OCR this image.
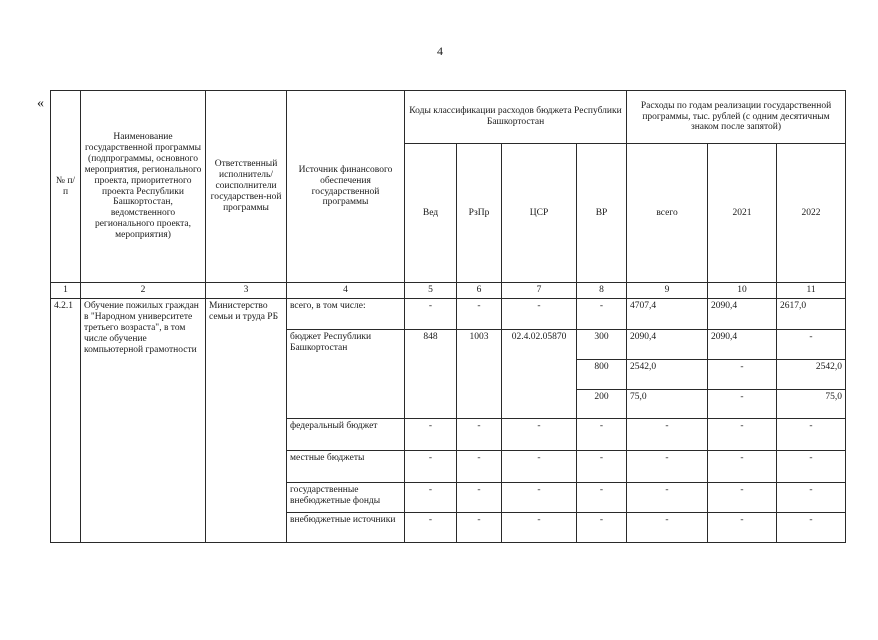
4
«
№ п/п	Наименование государственной программы (подпрограммы, основного мероприятия, регионального проекта, приоритетного проекта Республики Башкортостан, ведомственного регионального проекта, мероприятия)	Ответственный исполнитель/ соисполнители государствен-ной программы	Источник финансового обеспечения государственной программы	Коды классификации расходов бюджета Республики Башкортостан				Расходы по годам реализации государственной программы, тыс. рублей (с одним десятичным знаком после запятой)		
				Вед	РзПр	ЦСР	ВР	всего	2021	2022
1	2	3	4	5	6	7	8	9	10	11
4.2.1	Обучение пожилых граждан в "Народном университете третьего возраста", в том числе обучение компьютерной грамотности	Министерство семьи и труда РБ	всего, в том числе:	-	-	-	-	4707,4	2090,4	2617,0
			бюджет Республики Башкортостан	848	1003	02.4.02.05870	300	2090,4	2090,4	-
							800	2542,0	-	2542,0
							200	75,0	-	75,0
			федеральный бюджет	-	-	-	-	-	-	-
			местные бюджеты	-	-	-	-	-	-	-
			государственные внебюджетные фонды	-	-	-	-	-	-	-
			внебюджетные источники	-	-	-	-	-	-	-
